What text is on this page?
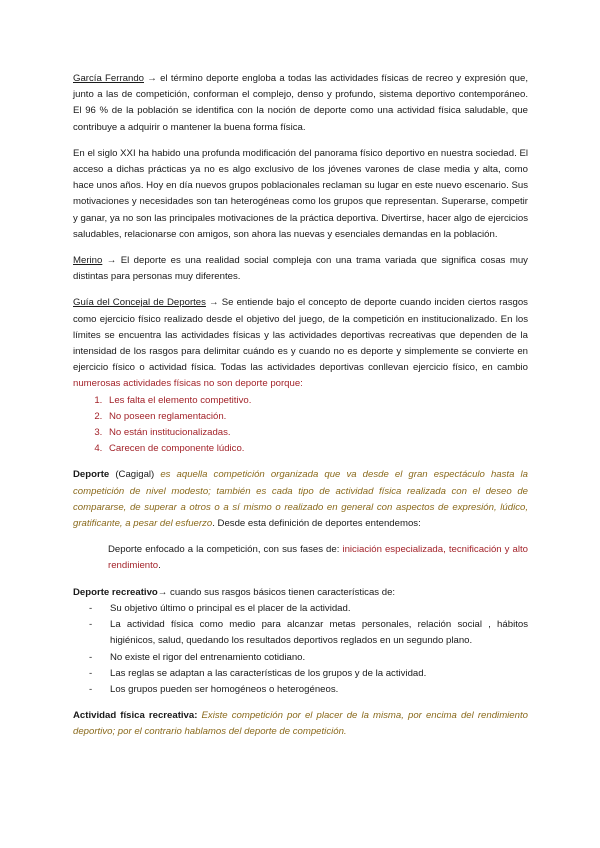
García Ferrando → el término deporte engloba a todas las actividades físicas de recreo y expresión que, junto a las de competición, conforman el complejo, denso y profundo, sistema deportivo contemporáneo. El 96 % de la población se identifica con la noción de deporte como una actividad física saludable, que contribuye a adquirir o mantener la buena forma física.

En el siglo XXI ha habido una profunda modificación del panorama físico deportivo en nuestra sociedad. El acceso a dichas prácticas ya no es algo exclusivo de los jóvenes varones de clase media y alta, como hace unos años. Hoy en día nuevos grupos poblacionales reclaman su lugar en este nuevo escenario. Sus motivaciones y necesidades son tan heterogéneas como los grupos que representan. Superarse, competir y ganar, ya no son las principales motivaciones de la práctica deportiva. Divertirse, hacer algo de ejercicios saludables, relacionarse con amigos, son ahora las nuevas y esenciales demandas en la población.

Merino → El deporte es una realidad social compleja con una trama variada que significa cosas muy distintas para personas muy diferentes.

Guía del Concejal de Deportes → Se entiende bajo el concepto de deporte cuando inciden ciertos rasgos como ejercicio físico realizado desde el objetivo del juego, de la competición en institucionalizado. En los límites se encuentra las actividades físicas y las actividades deportivas recreativas que dependen de la intensidad de los rasgos para delimitar cuándo es y cuando no es deporte y simplemente se convierte en ejercicio físico o actividad física. Todas las actividades deportivas conllevan ejercicio físico, en cambio numerosas actividades físicas no son deporte porque:

1. Les falta el elemento competitivo.
2. No poseen reglamentación.
3. No están institucionalizadas.
4. Carecen de componente lúdico.

Deporte (Cagigal) es aquella competición organizada que va desde el gran espectáculo hasta la competición de nivel modesto; también es cada tipo de actividad física realizada con el deseo de compararse, de superar a otros o a sí mismo o realizado en general con aspectos de expresión, lúdico, gratificante, a pesar del esfuerzo. Desde esta definición de deportes entendemos:

Deporte enfocado a la competición, con sus fases de: iniciación especializada, tecnificación y alto rendimiento.

Deporte recreativo→ cuando sus rasgos básicos tienen características de:

- Su objetivo último o principal es el placer de la actividad.
- La actividad física como medio para alcanzar metas personales, relación social , hábitos higiénicos, salud, quedando los resultados deportivos reglados en un segundo plano.
- No existe el rigor del entrenamiento cotidiano.
- Las reglas se adaptan a las características de los grupos y de la actividad.
- Los grupos pueden ser homogéneos o heterogéneos.

Actividad física recreativa: Existe competición por el placer de la misma, por encima del rendimiento deportivo; por el contrario hablamos del deporte de competición.
